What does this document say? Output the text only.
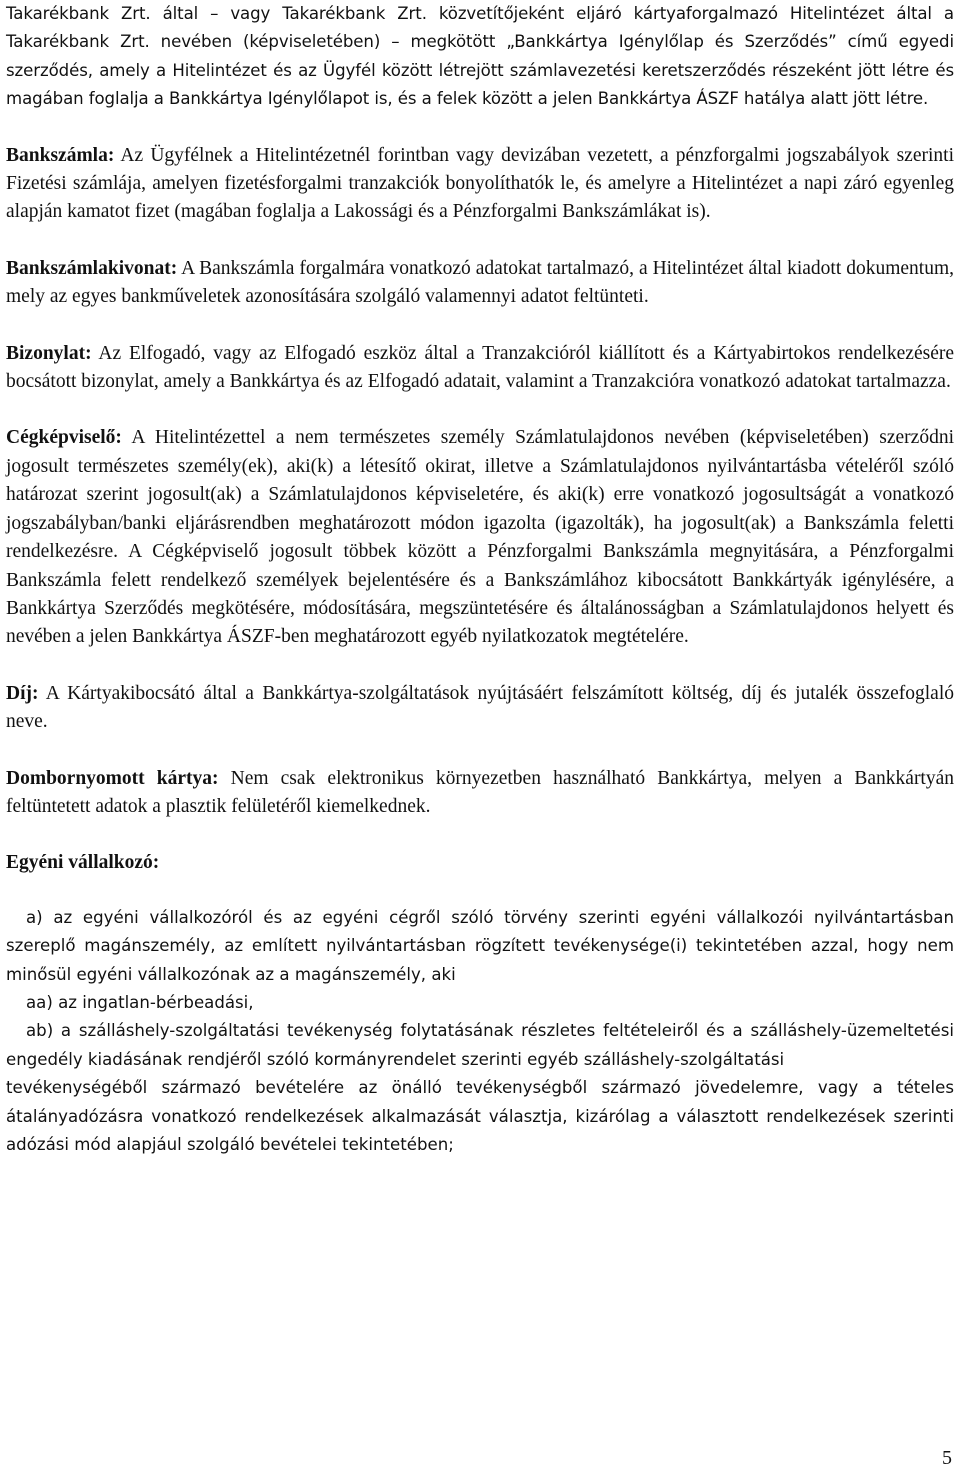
Takarékbank Zrt. által – vagy Takarékbank Zrt. közvetítőjeként eljáró kártyaforgalmazó Hitelintézet által a Takarékbank Zrt. nevében (képviseletében) – megkötött „Bankkártya Igénylőlap és Szerződés” című egyedi szerződés, amely a Hitelintézet és az Ügyfél között létrejött számlavezetési keretszerződés részeként jött létre és magában foglalja a Bankkártya Igénylőlapot is, és a felek között a jelen Bankkártya ÁSZF hatálya alatt jött létre.

Bankszámla: Az Ügyfélnek a Hitelintézetnél forintban vagy devizában vezetett, a pénzforgalmi jogszabályok szerinti Fizetési számlája, amelyen fizetésforgalmi tranzakciók bonyolíthatók le, és amelyre a Hitelintézet a napi záró egyenleg alapján kamatot fizet (magában foglalja a Lakossági és a Pénzforgalmi Bankszámlákat is).

Bankszámlakivonat: A Bankszámla forgalmára vonatkozó adatokat tartalmazó, a Hitelintézet által kiadott dokumentum, mely az egyes bankműveletek azonosítására szolgáló valamennyi adatot feltünteti.

Bizonylat: Az Elfogadó, vagy az Elfogadó eszköz által a Tranzakcióról kiállított és a Kártyabirtokos rendelkezésére bocsátott bizonylat, amely a Bankkártya és az Elfogadó adatait, valamint a Tranzakcióra vonatkozó adatokat tartalmazza.

Cégképviselő: A Hitelintézettel a nem természetes személy Számlatulajdonos nevében (képviseletében) szerződni jogosult természetes személy(ek), aki(k) a létesítő okirat, illetve a Számlatulajdonos nyilvántartásba vételéről szóló határozat szerint jogosult(ak) a Számlatulajdonos képviseletére, és aki(k) erre vonatkozó jogosultságát a vonatkozó jogszabályban/banki eljárásrendben meghatározott módon igazolta (igazolták), ha jogosult(ak) a Bankszámla feletti rendelkezésre. A Cégképviselő jogosult többek között a Pénzforgalmi Bankszámla megnyitására, a Pénzforgalmi Bankszámla felett rendelkező személyek bejelentésére és a Bankszámlához kibocsátott Bankkártyák igénylésére, a Bankkártya Szerződés megkötésére, módosítására, megszüntetésére és általánosságban a Számlatulajdonos helyett és nevében a jelen Bankkártya ÁSZF-ben meghatározott egyéb nyilatkozatok megtételére.

Díj: A Kártyakibocsátó által a Bankkártya-szolgáltatások nyújtásáért felszámított költség, díj és jutalék összefoglaló neve.

Dombornyomott kártya: Nem csak elektronikus környezetben használható Bankkártya, melyen a Bankkártyán feltüntetett adatok a plasztik felületéről kiemelkednek.

Egyéni vállalkozó:

a) az egyéni vállalkozóról és az egyéni cégről szóló törvény szerinti egyéni vállalkozói nyilvántartásban szereplő magánszemély, az említett nyilvántartásban rögzített tevékenysége(i) tekintetében azzal, hogy nem minősül egyéni vállalkozónak az a magánszemély, aki

aa) az ingatlan-bérbeadási,

ab) a szálláshely-szolgáltatási tevékenység folytatásának részletes feltételeiről és a szálláshely-üzemeltetési engedély kiadásának rendjéről szóló kormányrendelet szerinti egyéb szálláshely-szolgáltatási

tevékenységéből származó bevételére az önálló tevékenységből származó jövedelemre, vagy a tételes átalányadózásra vonatkozó rendelkezések alkalmazását választja, kizárólag a választott rendelkezések szerinti adózási mód alapjául szolgáló bevételei tekintetében;

5
